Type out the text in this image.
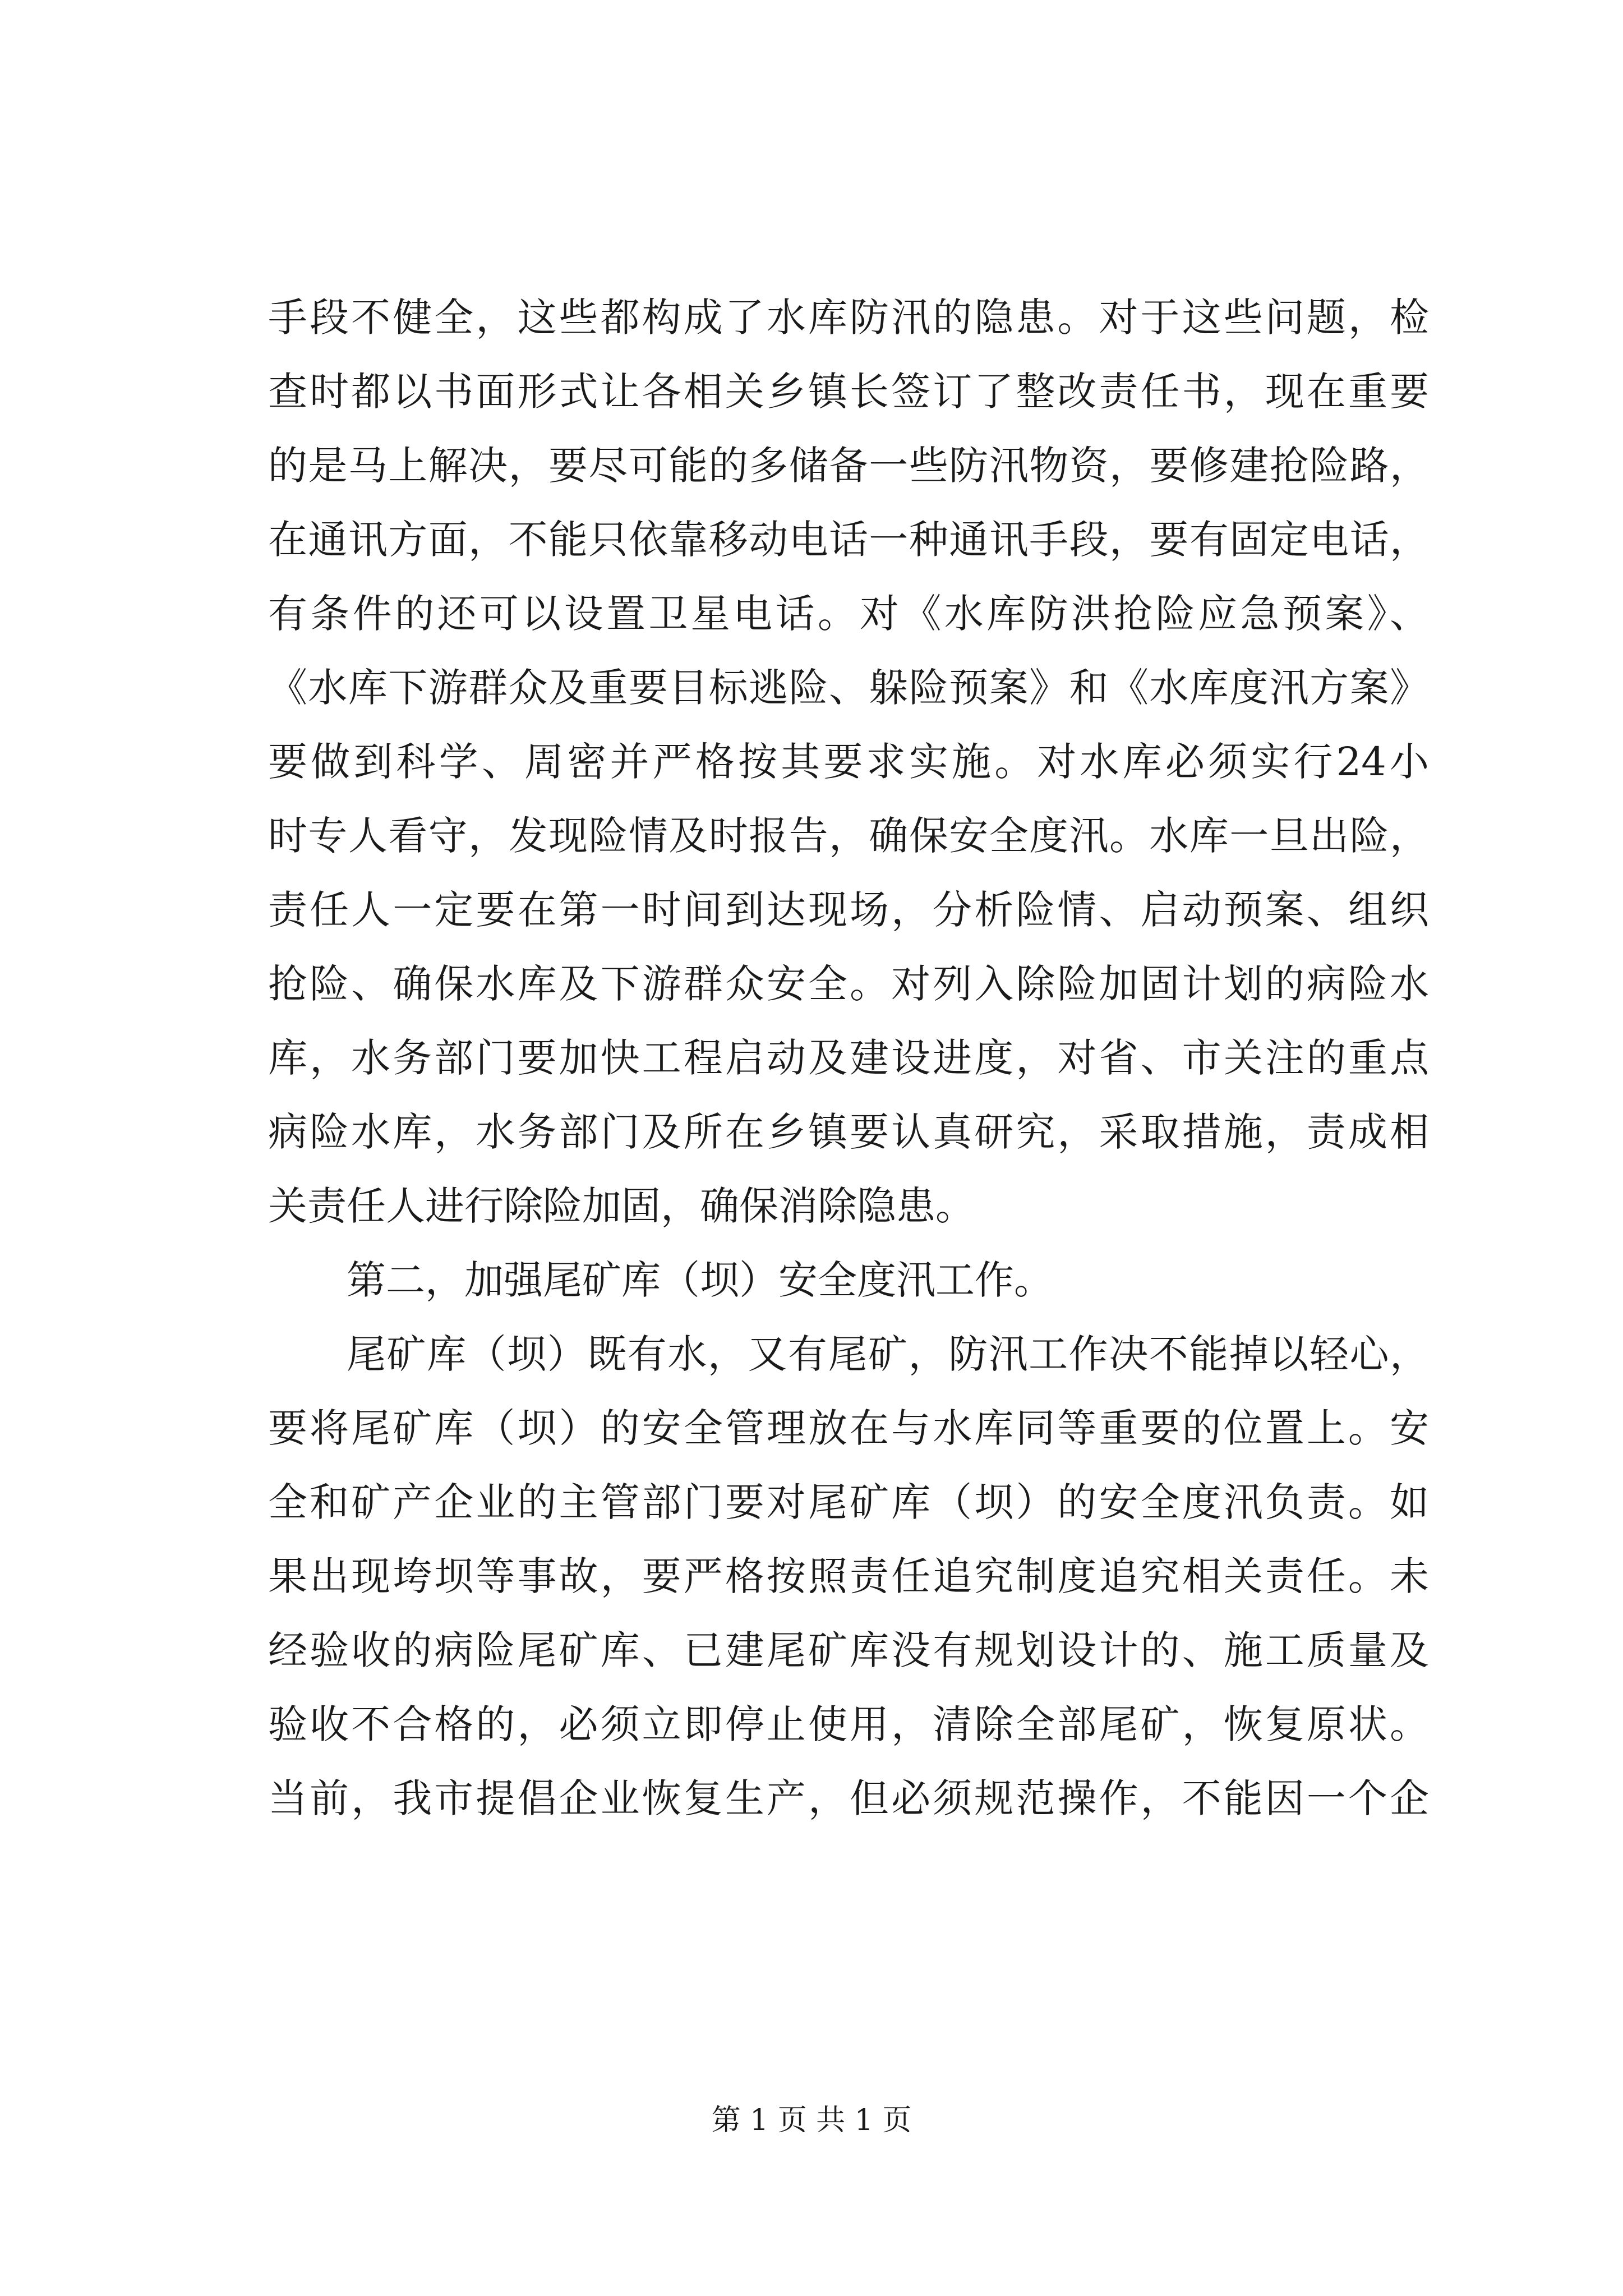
手段不健全，这些都构成了水库防汛的隐患。对于这些问题，检
查时都以书面形式让各相关乡镇长签订了整改责任书，现在重要
的是马上解决，要尽可能的多储备一些防汛物资，要修建抢险路，
在通讯方面，不能只依靠移动电话一种通讯手段，要有固定电话，
有条件的还可以设置卫星电话。对《水库防洪抢险应急预案》、
《水库下游群众及重要目标逃险、躲险预案》和《水库度汛方案》
要做到科学、周密并严格按其要求实施。对水库必须实行24小
时专人看守，发现险情及时报告，确保安全度汛。水库一旦出险，
责任人一定要在第一时间到达现场，分析险情、启动预案、组织
抢险、确保水库及下游群众安全。对列入除险加固计划的病险水
库，水务部门要加快工程启动及建设进度，对省、市关注的重点
病险水库，水务部门及所在乡镇要认真研究，采取措施，责成相
关责任人进行除险加固，确保消除隐患。
第二，加强尾矿库（坝）安全度汛工作。
尾矿库（坝）既有水，又有尾矿，防汛工作决不能掉以轻心，
要将尾矿库（坝）的安全管理放在与水库同等重要的位置上。安
全和矿产企业的主管部门要对尾矿库（坝）的安全度汛负责。如
果出现垮坝等事故，要严格按照责任追究制度追究相关责任。未
经验收的病险尾矿库、已建尾矿库没有规划设计的、施工质量及
验收不合格的，必须立即停止使用，清除全部尾矿，恢复原状。
当前，我市提倡企业恢复生产，但必须规范操作，不能因一个企
第 1 页 共 1 页
